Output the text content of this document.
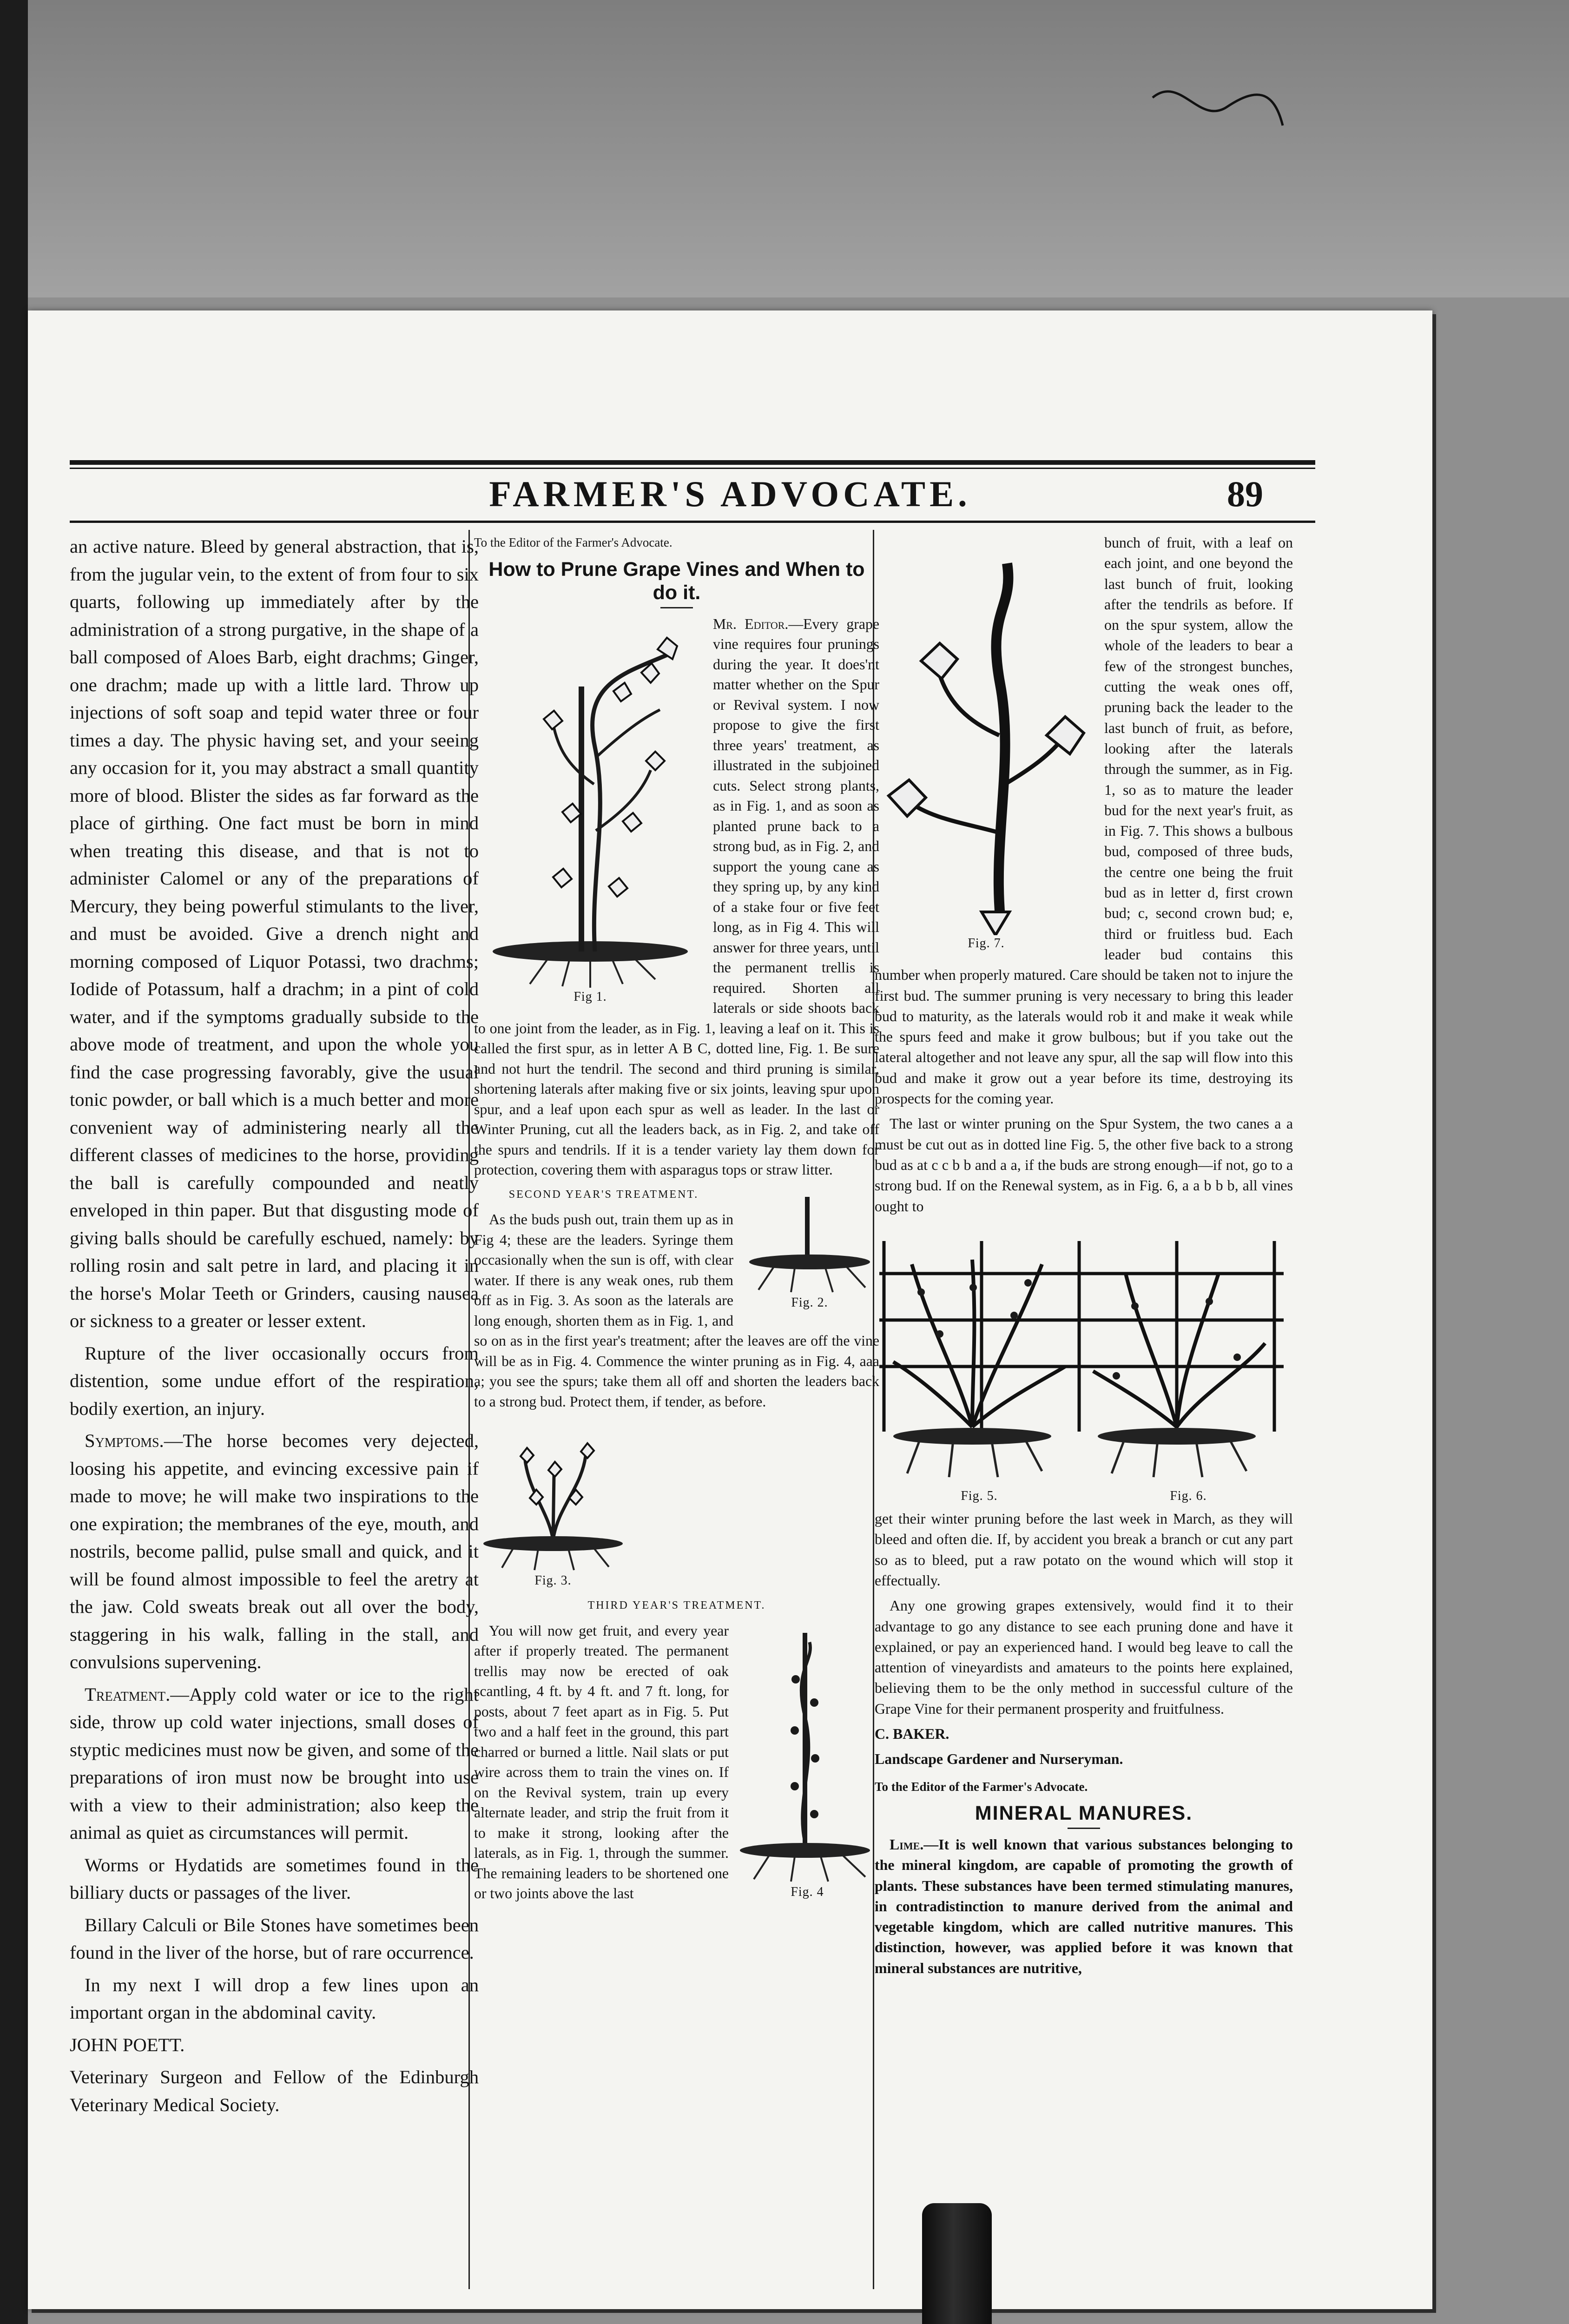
FARMER'S ADVOCATE.	89

an active nature. Bleed by general abstraction, that is, from the jugular vein, to the extent of from four to six quarts, following up immediately after by the administration of a strong purgative, in the shape of a ball composed of Aloes Barb, eight drachms; Ginger, one drachm; made up with a little lard. Throw up injections of soft soap and tepid water three or four times a day. The physic having set, and your seeing any occasion for it, you may abstract a small quantity more of blood. Blister the sides as far forward as the place of girthing. One fact must be born in mind when treating this disease, and that is not to administer Calomel or any of the preparations of Mercury, they being powerful stimulants to the liver, and must be avoided. Give a drench night and morning composed of Liquor Potassi, two drachms; Iodide of Potassum, half a drachm; in a pint of cold water, and if the symptoms gradually subside to the above mode of treatment, and upon the whole you find the case progressing favorably, give the usual tonic powder, or ball which is a much better and more convenient way of administering nearly all the different classes of medicines to the horse, providing the ball is carefully compounded and neatly enveloped in thin paper. But that disgusting mode of giving balls should be carefully eschued, namely: by rolling rosin and salt petre in lard, and placing it in the horse's Molar Teeth or Grinders, causing nausea or sickness to a greater or lesser extent.

Rupture of the liver occasionally occurs from distention, some undue effort of the respiration, bodily exertion, an injury.

Symptoms.—The horse becomes very dejected, loosing his appetite, and evincing excessive pain if made to move; he will make two inspirations to the one expiration; the membranes of the eye, mouth, and nostrils, become pallid, pulse small and quick, and it will be found almost impossible to feel the aretry at the jaw. Cold sweats break out all over the body, staggering in his walk, falling in the stall, and convulsions supervening.

Treatment.—Apply cold water or ice to the right side, throw up cold water injections, small doses of styptic medicines must now be given, and some of the preparations of iron must now be brought into use with a view to their administration; also keep the animal as quiet as circumstances will permit.

Worms or Hydatids are sometimes found in the billiary ducts or passages of the liver.

Billary Calculi or Bile Stones have sometimes been found in the liver of the horse, but of rare occurrence.

In my next I will drop a few lines upon an important organ in the abdominal cavity.

JOHN POETT.

Veterinary Surgeon and Fellow of the Edinburgh Veterinary Medical Society.

To the Editor of the Farmer's Advocate.

How to Prune Grape Vines and When to do it.
Fig 1.

Mr. Editor.—Every grape vine requires four prunings during the year. It does'nt matter whether on the Spur or Revival system. I now propose to give the first three years' treatment, as illustrated in the subjoined cuts. Select strong plants, as in Fig. 1, and as soon as planted prune back to a strong bud, as in Fig. 2, and support the young cane as they spring up, by any kind of a stake four or five feet long, as in Fig 4. This will answer for three years, until the permanent trellis is required. Shorten all laterals or side shoots back to one joint from the leader, as in Fig. 1, leaving a leaf on it. This is called the first spur, as in letter A B C, dotted line, Fig. 1. Be sure and not hurt the tendril. The second and third pruning is similar, shortening laterals after making five or six joints, leaving spur upon spur, and a leaf upon each spur as well as leader. In the last or Winter Pruning, cut all the leaders back, as in Fig. 2, and take off the spurs and tendrils. If it is a tender variety lay them down for protection, covering them with asparagus tops or straw litter.

Fig. 2.
SECOND YEAR'S TREATMENT.

As the buds push out, train them up as in Fig 4; these are the leaders. Syringe them occasionally when the sun is off, with clear water. If there is any weak ones, rub them off as in Fig. 3. As soon as the laterals are long enough, shorten them as in Fig. 1, and so on as in the first year's treatment; after the leaves are off the vine will be as in Fig. 4. Commence the winter pruning as in Fig. 4, aaa a; you see the spurs; take them all off and shorten the leaders back to a strong bud. Protect them, if tender, as before.

Fig. 3.
THIRD YEAR'S TREATMENT.
Fig. 4

You will now get fruit, and every year after if properly treated. The permanent trellis may now be erected of oak scantling, 4 ft. by 4 ft. and 7 ft. long, for posts, about 7 feet apart as in Fig. 5. Put two and a half feet in the ground, this part charred or burned a little. Nail slats or put wire across them to train the vines on. If on the Revival system, train up every alternate leader, and strip the fruit from it to make it strong, looking after the laterals, as in Fig. 1, through the summer. The remaining leaders to be shortened one or two joints above the last

Fig. 7.

bunch of fruit, with a leaf on each joint, and one beyond the last bunch of fruit, looking after the tendrils as before. If on the spur system, allow the whole of the leaders to bear a few of the strongest bunches, cutting the weak ones off, pruning back the leader to the last bunch of fruit, as before, looking after the laterals through the summer, as in Fig. 1, so as to mature the leader bud for the next year's fruit, as in Fig. 7. This shows a bulbous bud, composed of three buds, the centre one being the fruit bud as in letter d, first crown bud; c, second crown bud; e, third or fruitless bud. Each leader bud contains this number when properly matured. Care should be taken not to injure the first bud. The summer pruning is very necessary to bring this leader bud to maturity, as the laterals would rob it and make it weak while the spurs feed and make it grow bulbous; but if you take out the lateral altogether and not leave any spur, all the sap will flow into this bud and make it grow out a year before its time, destroying its prospects for the coming year.

The last or winter pruning on the Spur System, the two canes a a must be cut out as in dotted line Fig. 5, the other five back to a strong bud as at c c b b and a a, if the buds are strong enough—if not, go to a strong bud. If on the Renewal system, as in Fig. 6, a a b b b, all vines ought to

Fig. 5.	Fig. 6.

get their winter pruning before the last week in March, as they will bleed and often die. If, by accident you break a branch or cut any part so as to bleed, put a raw potato on the wound which will stop it effectually.

Any one growing grapes extensively, would find it to their advantage to go any distance to see each pruning done and have it explained, or pay an experienced hand. I would beg leave to call the attention of vineyardists and amateurs to the points here explained, believing them to be the only method in successful culture of the Grape Vine for their permanent prosperity and fruitfulness.

C. BAKER.

Landscape Gardener and Nurseryman.

To the Editor of the Farmer's Advocate.

MINERAL MANURES.

Lime.—It is well known that various substances belonging to the mineral kingdom, are capable of promoting the growth of plants. These substances have been termed stimulating manures, in contradistinction to manure derived from the animal and vegetable kingdom, which are called nutritive manures. This distinction, however, was applied before it was known that mineral substances are nutritive,
